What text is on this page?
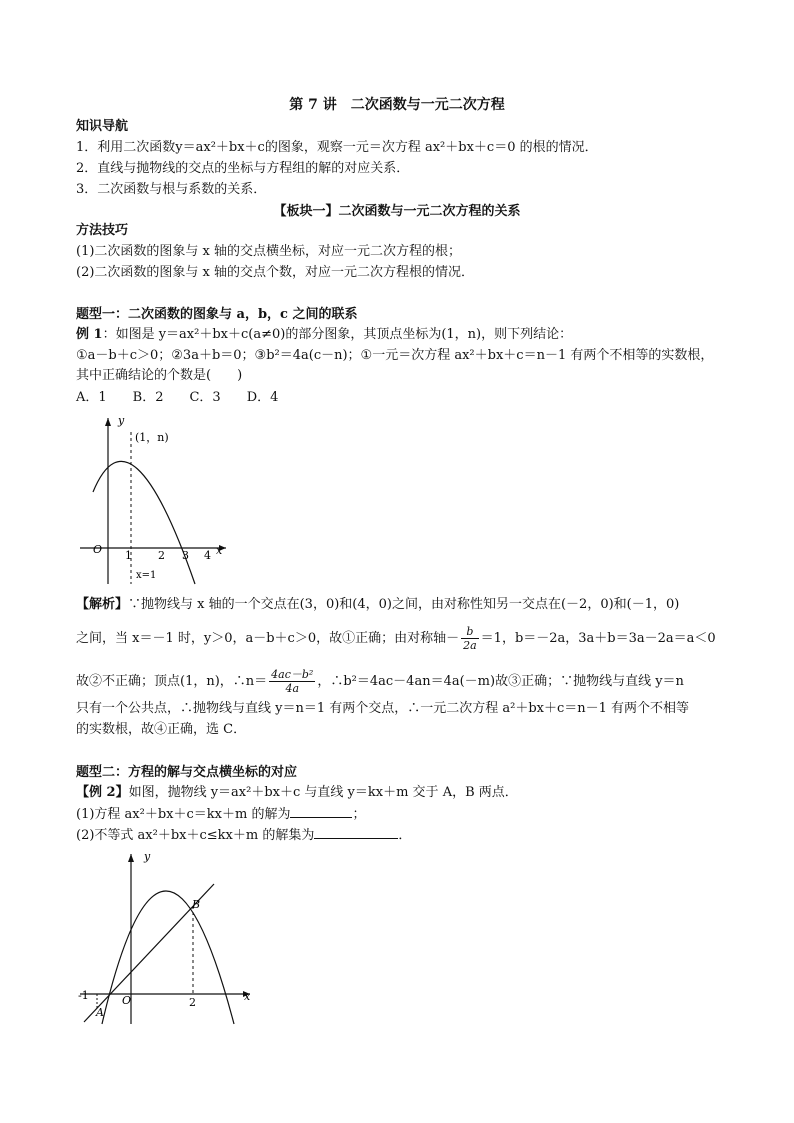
第 7 讲　二次函数与一元二次方程
知识导航
1．利用二次函数y＝ax²＋bx＋c的图象，观察一元＝次方程 ax²＋bx＋c＝0 的根的情况．
2．直线与抛物线的交点的坐标与方程组的解的对应关系．
3．二次函数与根与系数的关系．
【板块一】二次函数与一元二次方程的关系
方法技巧
(1)二次函数的图象与 x 轴的交点横坐标，对应一元二次方程的根；
(2)二次函数的图象与 x 轴的交点个数，对应一元二次方程根的情况．
题型一：二次函数的图象与 a，b，c 之间的联系
例 1：如图是 y＝ax²＋bx＋c(a≠0)的部分图象，其顶点坐标为(1，n)，则下列结论：
①a－b＋c＞0；②3a＋b＝0；③b²＝4a(c－n)；①一元＝次方程 ax²＋bx＋c＝n－1 有两个不相等的实数根，
其中正确结论的个数是(　　)
A．1　　B．2　　C．3　　D．4
y
x
O
(1，n)
1 2 3 4
x=1
【解析】∵抛物线与 x 轴的一个交点在(3，0)和(4，0)之间，由对称性知另一交点在(－2，0)和(－1，0)
之间，当 x＝－1 时，y＞0，a－b＋c＞0，故①正确；由对称轴－ $\frac{b}{2a} =1$，b＝－2a，3a＋b＝3a－2a＝a＜0
故②不正确；顶点(1，n)，∴n＝ $\frac{\text{4ac－b²}}{4a}$ ，∴b²＝4ac－4an＝4a(－m)故③正确；∵抛物线与直线 y＝n
只有一个公共点，∴抛物线与直线 y＝n＝1 有两个交点，∴一元二次方程 a²＋bx＋c＝n－1 有两个不相等
的实数根，故④正确，选 C．
题型二：方程的解与交点横坐标的对应
【例 2】如图，抛物线 y＝ax²＋bx＋c 与直线 y＝kx＋m 交于 A，B 两点．
(1)方程 ax²＋bx＋c＝kx＋m 的解为	；
(2)不等式 ax²＋bx＋c≤kx＋m 的解集为	．
y
x
O
-1
2
B
A
